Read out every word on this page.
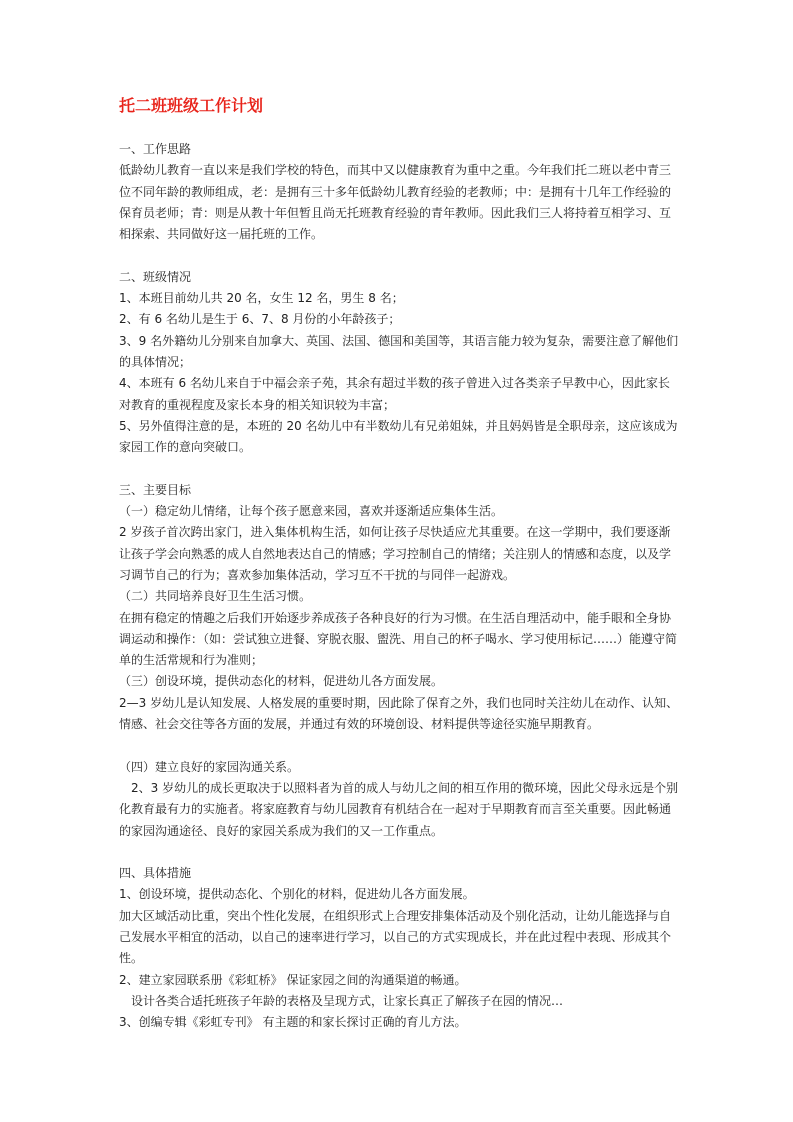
托二班班级工作计划

一、工作思路

低龄幼儿教育一直以来是我们学校的特色，而其中又以健康教育为重中之重。今年我们托二班以老中青三位不同年龄的教师组成，老：是拥有三十多年低龄幼儿教育经验的老教师；中：是拥有十几年工作经验的保育员老师；青：则是从教十年但暂且尚无托班教育经验的青年教师。因此我们三人将持着互相学习、互相探索、共同做好这一届托班的工作。

二、班级情况

1、本班目前幼儿共 20 名，女生 12 名，男生 8 名；

2、有 6 名幼儿是生于 6、7、8 月份的小年龄孩子；

3、9 名外籍幼儿分别来自加拿大、英国、法国、德国和美国等，其语言能力较为复杂，需要注意了解他们的具体情况；

4、本班有 6 名幼儿来自于中福会亲子苑，其余有超过半数的孩子曾进入过各类亲子早教中心，因此家长对教育的重视程度及家长本身的相关知识较为丰富；

5、另外值得注意的是，本班的 20 名幼儿中有半数幼儿有兄弟姐妹，并且妈妈皆是全职母亲，这应该成为家园工作的意向突破口。

三、主要目标

（一）稳定幼儿情绪，让每个孩子愿意来园，喜欢并逐渐适应集体生活。

2 岁孩子首次跨出家门，进入集体机构生活，如何让孩子尽快适应尤其重要。在这一学期中，我们要逐渐让孩子学会向熟悉的成人自然地表达自己的情感；学习控制自己的情绪；关注别人的情感和态度，以及学习调节自己的行为；喜欢参加集体活动，学习互不干扰的与同伴一起游戏。

（二）共同培养良好卫生生活习惯。

在拥有稳定的情趣之后我们开始逐步养成孩子各种良好的行为习惯。在生活自理活动中，能手眼和全身协调运动和操作：（如：尝试独立进餐、穿脱衣服、盥洗、用自己的杯子喝水、学习使用标记……）能遵守简单的生活常规和行为准则；

（三）创设环境，提供动态化的材料，促进幼儿各方面发展。

2—3 岁幼儿是认知发展、人格发展的重要时期，因此除了保育之外，我们也同时关注幼儿在动作、认知、情感、社会交往等各方面的发展，并通过有效的环境创设、材料提供等途径实施早期教育。

（四）建立良好的家园沟通关系。

2、3 岁幼儿的成长更取决于以照料者为首的成人与幼儿之间的相互作用的微环境，因此父母永远是个别化教育最有力的实施者。将家庭教育与幼儿园教育有机结合在一起对于早期教育而言至关重要。因此畅通的家园沟通途径、良好的家园关系成为我们的又一工作重点。

四、具体措施

1、创设环境，提供动态化、个别化的材料，促进幼儿各方面发展。

加大区域活动比重，突出个性化发展，在组织形式上合理安排集体活动及个别化活动，让幼儿能选择与自己发展水平相宜的活动，以自己的速率进行学习，以自己的方式实现成长，并在此过程中表现、形成其个性。

2、建立家园联系册《彩虹桥》 保证家园之间的沟通渠道的畅通。

设计各类合适托班孩子年龄的表格及呈现方式，让家长真正了解孩子在园的情况…

3、创编专辑《彩虹专刊》 有主题的和家长探讨正确的育儿方法。
